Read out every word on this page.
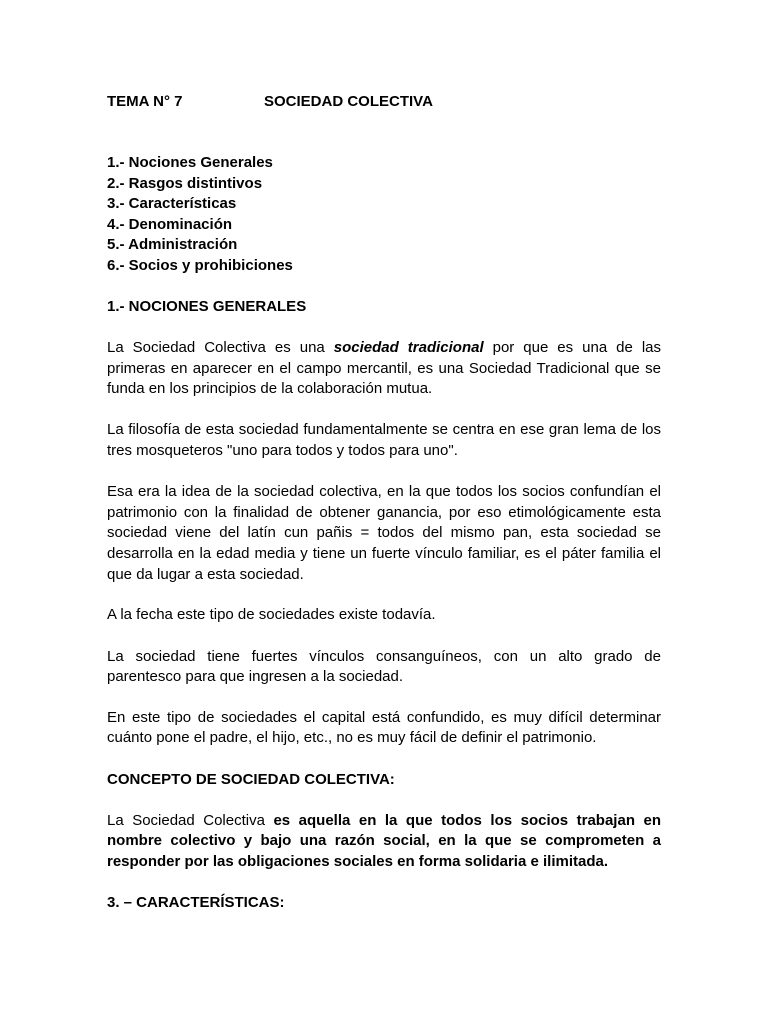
TEMA N° 7	SOCIEDAD COLECTIVA
1.- Nociones Generales
2.- Rasgos distintivos
3.- Características
4.- Denominación
5.- Administración
6.- Socios y prohibiciones

1.- NOCIONES GENERALES

La Sociedad Colectiva es una sociedad tradicional por que es una de las primeras en aparecer en el campo mercantil, es una Sociedad Tradicional que se funda en los principios de la colaboración mutua.

La filosofía de esta sociedad fundamentalmente se centra en ese gran lema de los tres mosqueteros "uno para todos y todos para uno".

Esa era la idea de la sociedad colectiva, en la que todos los socios confundían el patrimonio con la finalidad de obtener ganancia, por eso etimológicamente esta sociedad viene del latín cun pañis = todos del mismo pan, esta sociedad se desarrolla en la edad media y tiene un fuerte vínculo familiar, es el páter familia el que da lugar a esta sociedad.

A la fecha este tipo de sociedades existe todavía.

La sociedad tiene fuertes vínculos consanguíneos, con un alto grado de parentesco para que ingresen a la sociedad.

En este tipo de sociedades el capital está confundido, es muy difícil determinar cuánto pone el padre, el hijo, etc., no es muy fácil de definir el patrimonio.

CONCEPTO DE SOCIEDAD COLECTIVA:

La Sociedad Colectiva es aquella en la que todos los socios trabajan en nombre colectivo y bajo una razón social, en la que se comprometen a responder por las obligaciones sociales en forma solidaria e ilimitada.

3. – CARACTERÍSTICAS:
